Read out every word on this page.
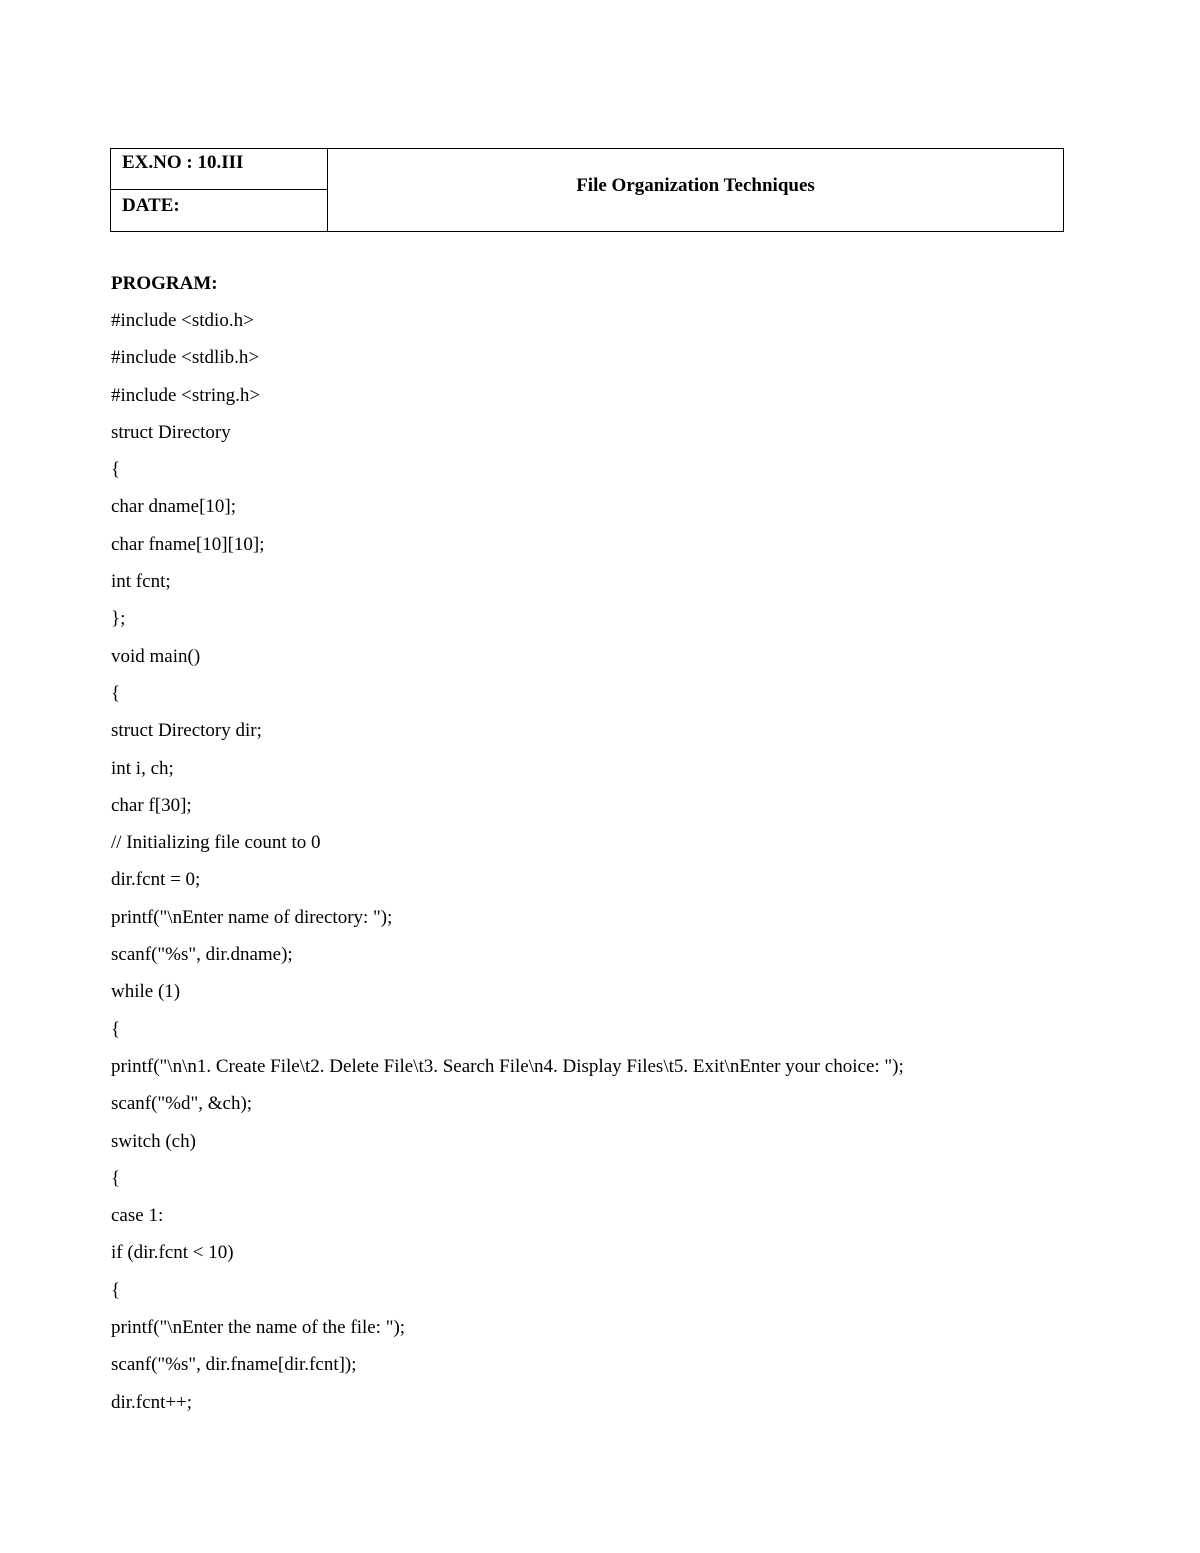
EX.NO : 10.III
DATE:
File Organization Techniques
PROGRAM:
#include <stdio.h>
#include <stdlib.h>
#include <string.h>
struct Directory
{
char dname[10];
char fname[10][10];
int fcnt;
};
void main()
{
struct Directory dir;
int i, ch;
char f[30];
// Initializing file count to 0
dir.fcnt = 0;
printf("\nEnter name of directory: ");
scanf("%s", dir.dname);
while (1)
{
printf("\n\n1. Create File\t2. Delete File\t3. Search File\n4. Display Files\t5. Exit\nEnter your choice: ");
scanf("%d", &ch);
switch (ch)
{
case 1:
if (dir.fcnt < 10)
{
printf("\nEnter the name of the file: ");
scanf("%s", dir.fname[dir.fcnt]);
dir.fcnt++;
